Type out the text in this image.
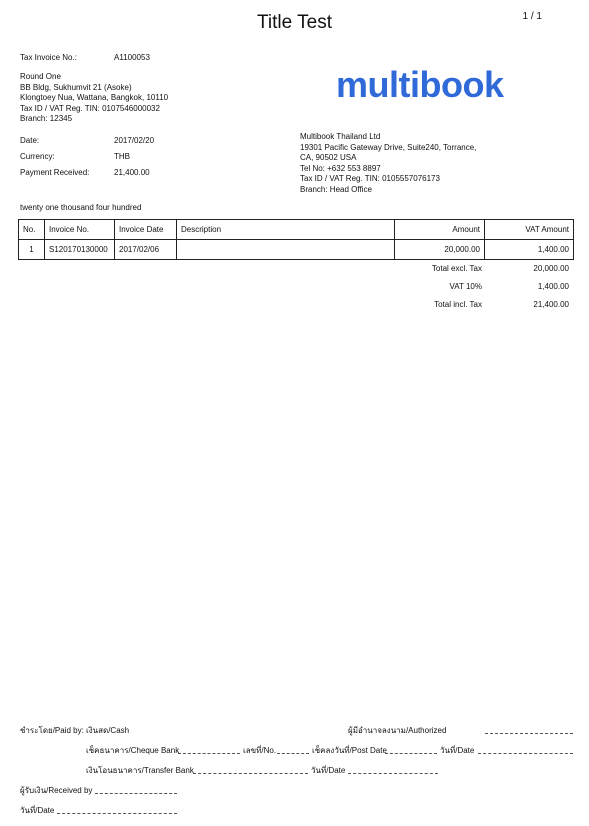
Title Test	1 / 1
Tax Invoice No.:	A1100053
Round One
BB Bldg, Sukhumvit 21 (Asoke)
Klongtoey Nua, Wattana, Bangkok, 10110
Tax ID / VAT Reg. TIN: 0107546000032
Branch: 12345
multibook
Date:	2017/02/20
Currency:	THB
Payment Received:	21,400.00
Multibook Thailand Ltd
19301 Pacific Gateway Drive, Suite240, Torrance,
CA, 90502 USA
Tel No: +632 553 8897
Tax ID / VAT Reg. TIN: 0105557076173
Branch: Head Office
twenty one thousand four hundred
No.	Invoice No.	Invoice Date	Description	Amount	VAT Amount
1	S120170130000	2017/02/06		20,000.00	1,400.00
Total excl. Tax	20,000.00
VAT 10%	1,400.00
Total incl. Tax	21,400.00
ชำระโดย/Paid by: เงินสด/Cash	ผู้มีอำนาจลงนาม/Authorized
เช็คธนาคาร/Cheque Bank	เลขที่/No.	เช็คลงวันที่/Post Date	วันที่/Date
เงินโอนธนาคาร/Transfer Bank	วันที่/Date
ผู้รับเงิน/Received by
วันที่/Date
